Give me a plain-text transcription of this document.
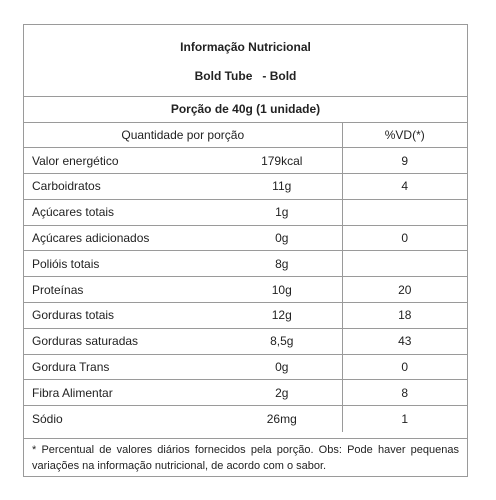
Informação Nutricional
Bold Tube   - Bold
Porção de 40g (1 unidade)
Quantidade por porção		%VD(*)
Valor energético	179kcal	9
Carboidratos	11g	4
Açúcares totais	1g	
Açúcares adicionados	0g	0
Polióis totais	8g	
Proteínas	10g	20
Gorduras totais	12g	18
Gorduras saturadas	8,5g	43
Gordura Trans	0g	0
Fibra Alimentar	2g	8
Sódio	26mg	1
* Percentual de valores diários fornecidos pela porção. Obs: Pode haver pequenas variações na informação nutricional, de acordo com o sabor.
